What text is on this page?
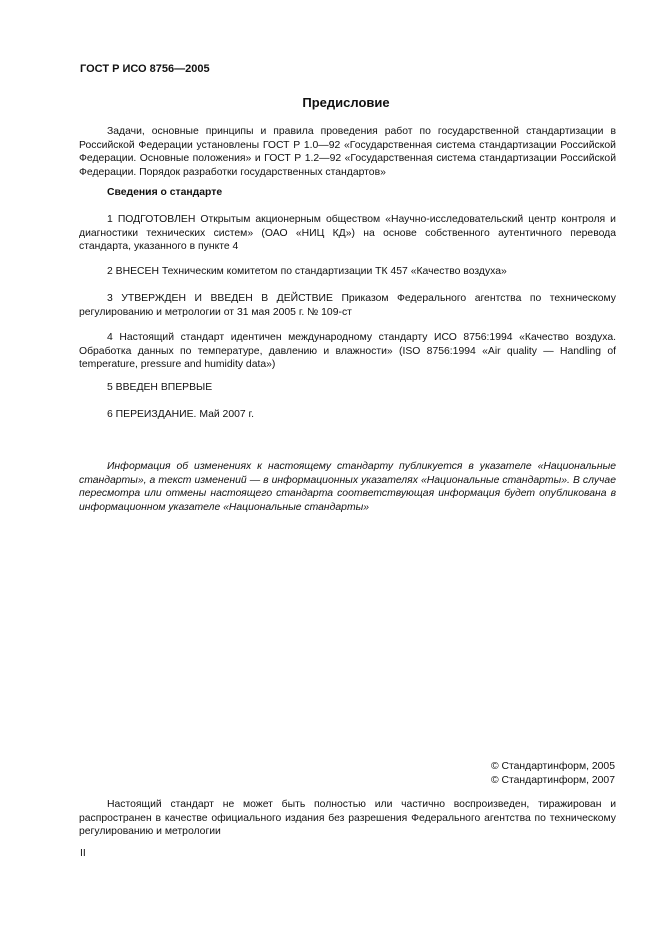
ГОСТ Р ИСО 8756—2005
Предисловие
Задачи, основные принципы и правила проведения работ по государственной стандартизации в Российской Федерации установлены ГОСТ Р 1.0—92 «Государственная система стандартизации Российской Федерации. Основные положения» и ГОСТ Р 1.2—92 «Государственная система стандартизации Российской Федерации. Порядок разработки государственных стандартов»
Сведения о стандарте
1 ПОДГОТОВЛЕН Открытым акционерным обществом «Научно-исследовательский центр контроля и диагностики технических систем» (ОАО «НИЦ КД») на основе собственного аутентичного перевода стандарта, указанного в пункте 4
2 ВНЕСЕН Техническим комитетом по стандартизации ТК 457 «Качество воздуха»
3 УТВЕРЖДЕН И ВВЕДЕН В ДЕЙСТВИЕ Приказом Федерального агентства по техническому регулированию и метрологии от 31 мая 2005 г. № 109-ст
4 Настоящий стандарт идентичен международному стандарту ИСО 8756:1994 «Качество воздуха. Обработка данных по температуре, давлению и влажности» (ISO 8756:1994 «Air quality — Handling of temperature, pressure and humidity data»)
5 ВВЕДЕН ВПЕРВЫЕ
6 ПЕРЕИЗДАНИЕ. Май 2007 г.
Информация об изменениях к настоящему стандарту публикуется в указателе «Национальные стандарты», а текст изменений — в информационных указателях «Национальные стандарты». В случае пересмотра или отмены настоящего стандарта соответствующая информация будет опубликована в информационном указателе «Национальные стандарты»
© Стандартинформ, 2005
© Стандартинформ, 2007
Настоящий стандарт не может быть полностью или частично воспроизведен, тиражирован и распространен в качестве официального издания без разрешения Федерального агентства по техническому регулированию и метрологии
II
